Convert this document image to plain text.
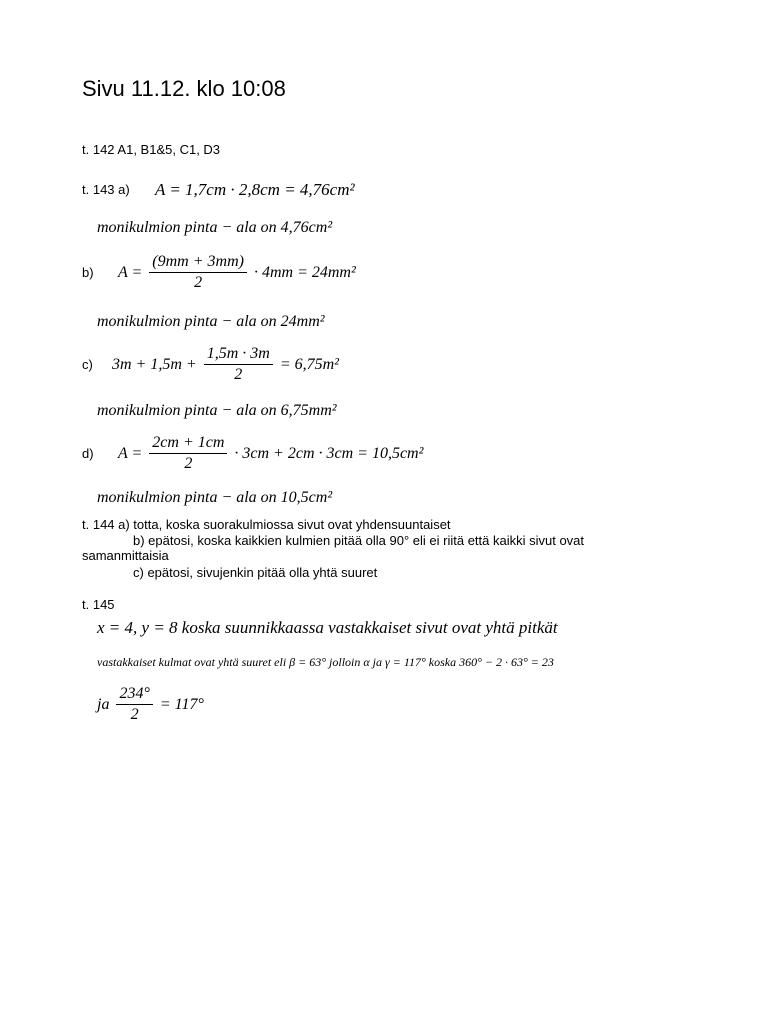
Sivu 11.12. klo 10:08
t. 142 A1, B1&5, C1, D3
t. 143 a) A = 1,7cm · 2,8cm = 4,76cm²
monikulmion pinta − ala on 4,76cm²
b) $A = \frac{(9mm + 3mm)}{2} \cdot 4mm = 24mm^2$
monikulmion pinta − ala on 24mm²
c) $3m + 1,5m + \frac{1,5m \cdot 3m}{2} = 6,75m^2$
monikulmion pinta − ala on 6,75mm²
d) $A = \frac{2cm + 1cm}{2} \cdot 3cm + 2cm \cdot 3cm = 10,5cm^2$
monikulmion pinta − ala on 10,5cm²
t. 144 a) totta, koska suorakulmiossa sivut ovat yhdensuuntaiset
b) epätosi, koska kaikkien kulmien pitää olla 90° eli ei riitä että kaikki sivut ovat
samanmittaisia
c) epätosi, sivujenkin pitää olla yhtä suuret
t. 145
x = 4, y = 8 koska suunnikkaassa vastakkaiset sivut ovat yhtä pitkät
vastakkaiset kulmat ovat yhtä suuret eli β = 63° jolloin α ja γ = 117° koska 360° − 2 · 63° = 23
ja $\frac{234^\circ}{2} = 117^\circ$
